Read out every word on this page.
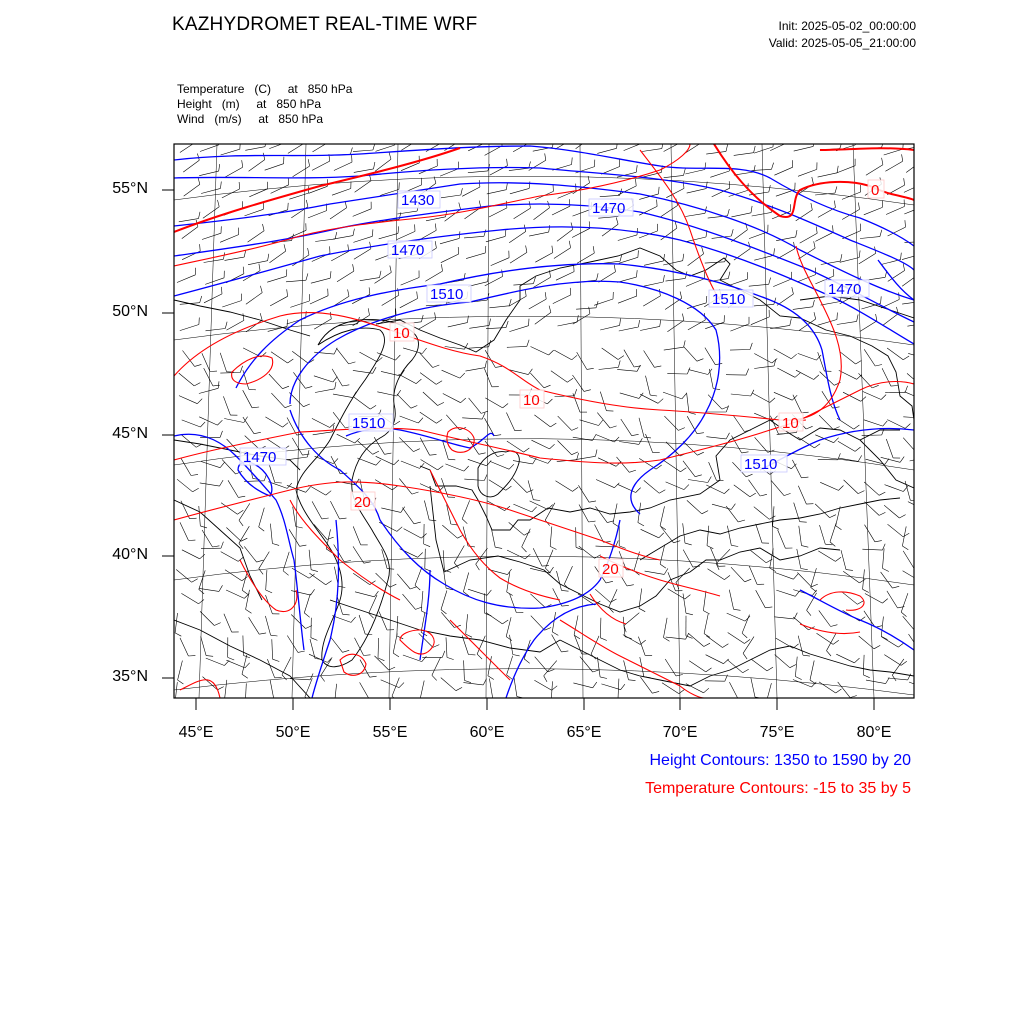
KAZHYDROMET REAL-TIME WRF	Init: 2025-05-02_00:00:00
Valid: 2025-05-05_21:00:00
Temperature   (C)     at   850 hPa
Height   (m)     at   850 hPa
Wind   (m/s)     at   850 hPa
1430	1470
1470
1510	1510
1470
1510
1470	1510
0
10
10
10
20
20
55°N
50°N
45°N
40°N
35°N
45°E	50°E	55°E	60°E	65°E	70°E	75°E	80°E
Height Contours: 1350 to 1590 by 20
Temperature Contours: -15 to 35 by 5
